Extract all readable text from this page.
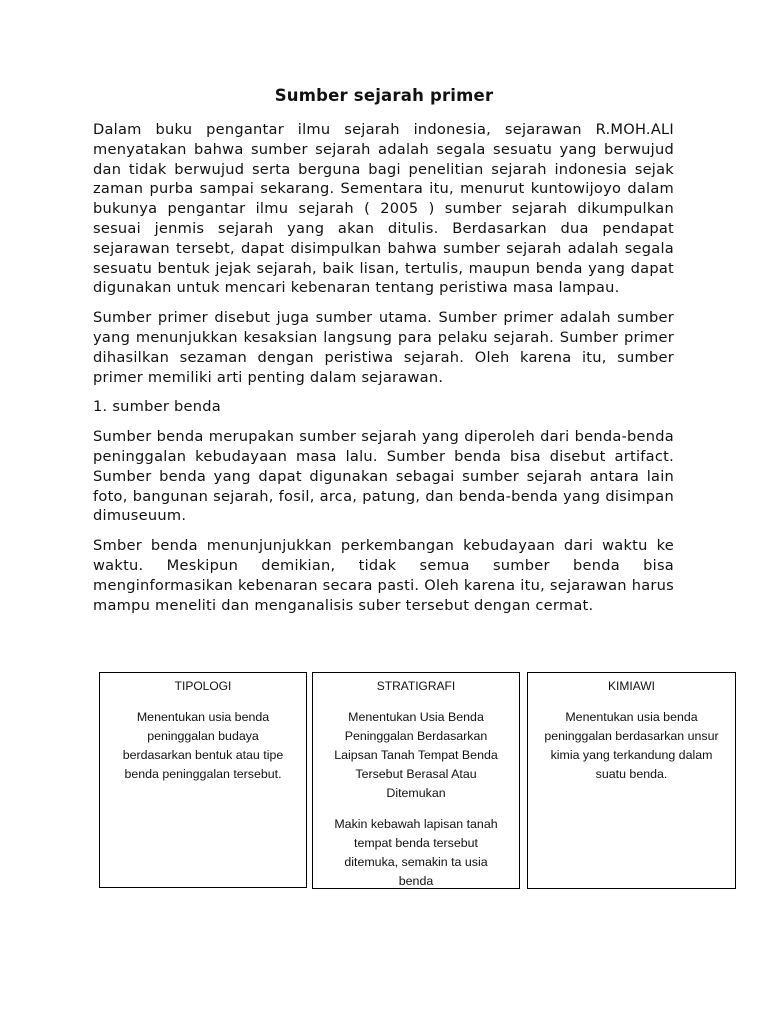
Sumber sejarah primer

Dalam buku pengantar ilmu sejarah indonesia, sejarawan R.MOH.ALI menyatakan bahwa sumber sejarah adalah segala sesuatu yang berwujud dan tidak berwujud serta berguna bagi penelitian sejarah indonesia sejak zaman purba sampai sekarang. Sementara itu, menurut kuntowijoyo dalam bukunya pengantar ilmu sejarah ( 2005 ) sumber sejarah dikumpulkan sesuai jenmis sejarah yang akan ditulis. Berdasarkan dua pendapat sejarawan tersebt, dapat disimpulkan bahwa sumber sejarah adalah segala sesuatu bentuk jejak sejarah, baik lisan, tertulis, maupun benda yang dapat digunakan untuk mencari kebenaran tentang peristiwa masa lampau.

Sumber primer disebut juga sumber utama. Sumber primer adalah sumber yang menunjukkan kesaksian langsung para pelaku sejarah. Sumber primer dihasilkan sezaman dengan peristiwa sejarah. Oleh karena itu, sumber primer memiliki arti penting dalam sejarawan.

1. sumber benda

Sumber benda merupakan sumber sejarah yang diperoleh dari benda-benda peninggalan kebudayaan masa lalu. Sumber benda bisa disebut artifact. Sumber benda yang dapat digunakan sebagai sumber sejarah antara lain foto, bangunan sejarah, fosil, arca, patung, dan benda-benda yang disimpan dimuseuum.

Smber benda menunjunjukkan perkembangan kebudayaan dari waktu ke waktu. Meskipun demikian, tidak semua sumber benda bisa menginformasikan kebenaran secara pasti. Oleh karena itu, sejarawan harus mampu meneliti dan menganalisis suber tersebut dengan cermat.

TIPOLOGI
Menentukan usia benda peninggalan budaya berdasarkan bentuk atau tipe benda peninggalan tersebut.
STRATIGRAFI
Menentukan Usia Benda Peninggalan Berdasarkan Laipsan Tanah Tempat Benda Tersebut Berasal Atau Ditemukan
Makin kebawah lapisan tanah tempat benda tersebut ditemuka, semakin ta usia benda
KIMIAWI
Menentukan usia benda peninggalan berdasarkan unsur kimia yang terkandung dalam suatu benda.
